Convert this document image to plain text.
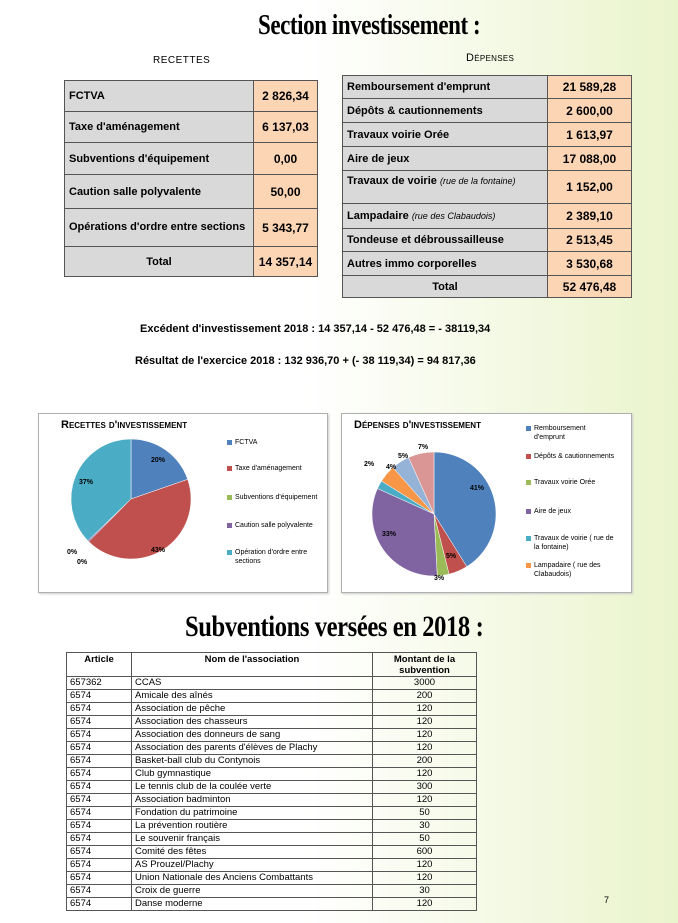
Section investissement :
RECETTES	Dépenses
FCTVA	2 826,34
Taxe d'aménagement	6 137,03
Subventions d'équipement	0,00
Caution salle polyvalente	50,00
Opérations d'ordre entre sections	5 343,77
Total	14 357,14
Remboursement d'emprunt	21 589,28
Dépôts & cautionnements	2 600,00
Travaux voirie Orée	1 613,97
Aire de jeux	17 088,00
Travaux de voirie (rue de la fontaine)	1 152,00
Lampadaire (rue des Clabaudois)	2 389,10
Tondeuse et débroussailleuse	2 513,45
Autres immo corporelles	3 530,68
Total	52 476,48
Excédent d'investissement 2018 : 14 357,14 - 52 476,48 = - 38119,34
Résultat de l'exercice 2018 : 132 936,70 + (- 38 119,34) = 94 817,36
Recettes d'investissement
20%
43%
0%
0%
37%
FCTVA
Taxe d'aménagement
Subventions d'équipement
Caution salle polyvalente
Opération d'ordre entre sections
Dépenses d'investissement
41%
5%
3%
33%
2% 4%
5%
7%
Remboursement d'emprunt
Dépôts & cautionnements
Travaux voirie Orée
Aire de jeux
Travaux de voirie ( rue de la fontaine)
Lampadaire ( rue des Clabaudois)
Subventions versées en 2018 :
Article	Nom de l'association	Montant de la subvention
657362	CCAS	3000
6574	Amicale des aînés	200
6574	Association de pêche	120
6574	Association des chasseurs	120
6574	Association des donneurs de sang	120
6574	Association des parents d'élèves de Plachy	120
6574	Basket-ball club du Contynois	200
6574	Club gymnastique	120
6574	Le tennis club de la coulée verte	300
6574	Association badminton	120
6574	Fondation du patrimoine	50
6574	La prévention routière	30
6574	Le souvenir français	50
6574	Comité des fêtes	600
6574	AS Prouzel/Plachy	120
6574	Union Nationale des Anciens Combattants	120
6574	Croix de guerre	30
6574	Danse moderne	120	7
